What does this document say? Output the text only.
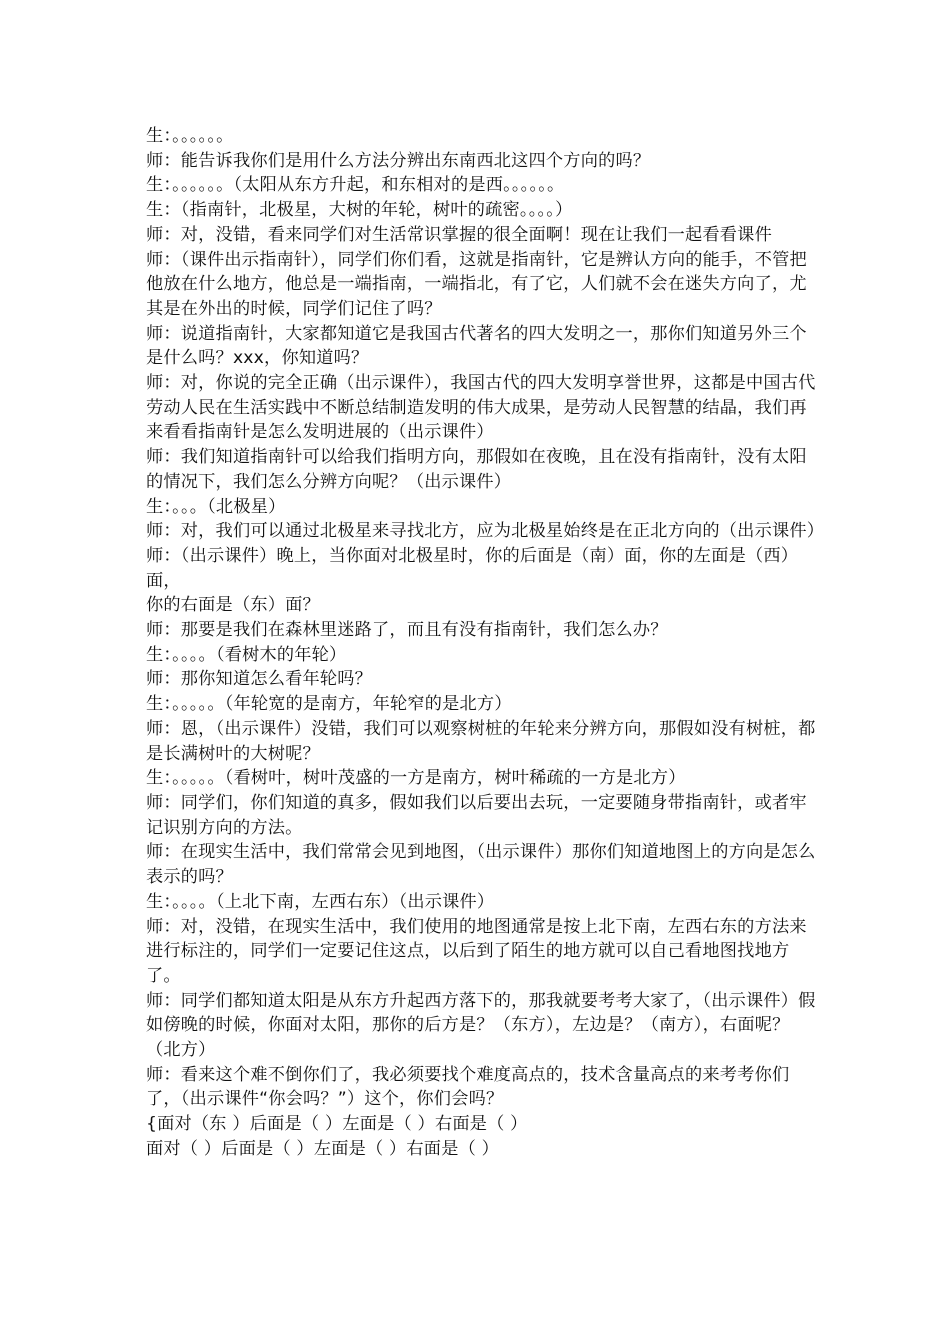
生：。。。。。。

师：能告诉我你们是用什么方法分辨出东南西北这四个方向的吗？

生：。。。。。。（太阳从东方升起，和东相对的是西。。。。。。

生：（指南针，北极星，大树的年轮，树叶的疏密。。。。）

师：对，没错，看来同学们对生活常识掌握的很全面啊！现在让我们一起看看课件

师：（课件出示指南针），同学们你们看，这就是指南针，它是辨认方向的能手，不管把他放在什么地方，他总是一端指南，一端指北，有了它，人们就不会在迷失方向了，尤其是在外出的时候，同学们记住了吗？

师：说道指南针，大家都知道它是我国古代著名的四大发明之一，那你们知道另外三个是什么吗？xxx，你知道吗？

师：对，你说的完全正确（出示课件），我国古代的四大发明享誉世界，这都是中国古代劳动人民在生活实践中不断总结制造发明的伟大成果，是劳动人民智慧的结晶，我们再来看看指南针是怎么发明进展的（出示课件）

师：我们知道指南针可以给我们指明方向，那假如在夜晚，且在没有指南针，没有太阳的情况下，我们怎么分辨方向呢？（出示课件）

生：。。。（北极星）

师：对，我们可以通过北极星来寻找北方，应为北极星始终是在正北方向的（出示课件）

师：（出示课件）晚上，当你面对北极星时，你的后面是（南）面，你的左面是（西）面，

你的右面是（东）面？

师：那要是我们在森林里迷路了，而且有没有指南针，我们怎么办？

生：。。。。（看树木的年轮）

师：那你知道怎么看年轮吗？

生：。。。。。（年轮宽的是南方，年轮窄的是北方）

师：恩，（出示课件）没错，我们可以观察树桩的年轮来分辨方向，那假如没有树桩，都是长满树叶的大树呢？

生：。。。。。（看树叶，树叶茂盛的一方是南方，树叶稀疏的一方是北方）

师：同学们，你们知道的真多，假如我们以后要出去玩，一定要随身带指南针，或者牢记识别方向的方法。

师：在现实生活中，我们常常会见到地图，（出示课件）那你们知道地图上的方向是怎么表示的吗？

生：。。。。（上北下南，左西右东）（出示课件）

师：对，没错，在现实生活中，我们使用的地图通常是按上北下南，左西右东的方法来进行标注的，同学们一定要记住这点，以后到了陌生的地方就可以自己看地图找地方了。

师：同学们都知道太阳是从东方升起西方落下的，那我就要考考大家了，（出示课件）假如傍晚的时候，你面对太阳，那你的后方是？（东方），左边是？（南方），右面呢？（北方）

师：看来这个难不倒你们了，我必须要找个难度高点的，技术含量高点的来考考你们了，（出示课件“你会吗？”）这个，你们会吗？

{面对（东 ）后面是（ ）左面是（ ）右面是（ ）

面对（ ）后面是（ ）左面是（ ）右面是（ ）
